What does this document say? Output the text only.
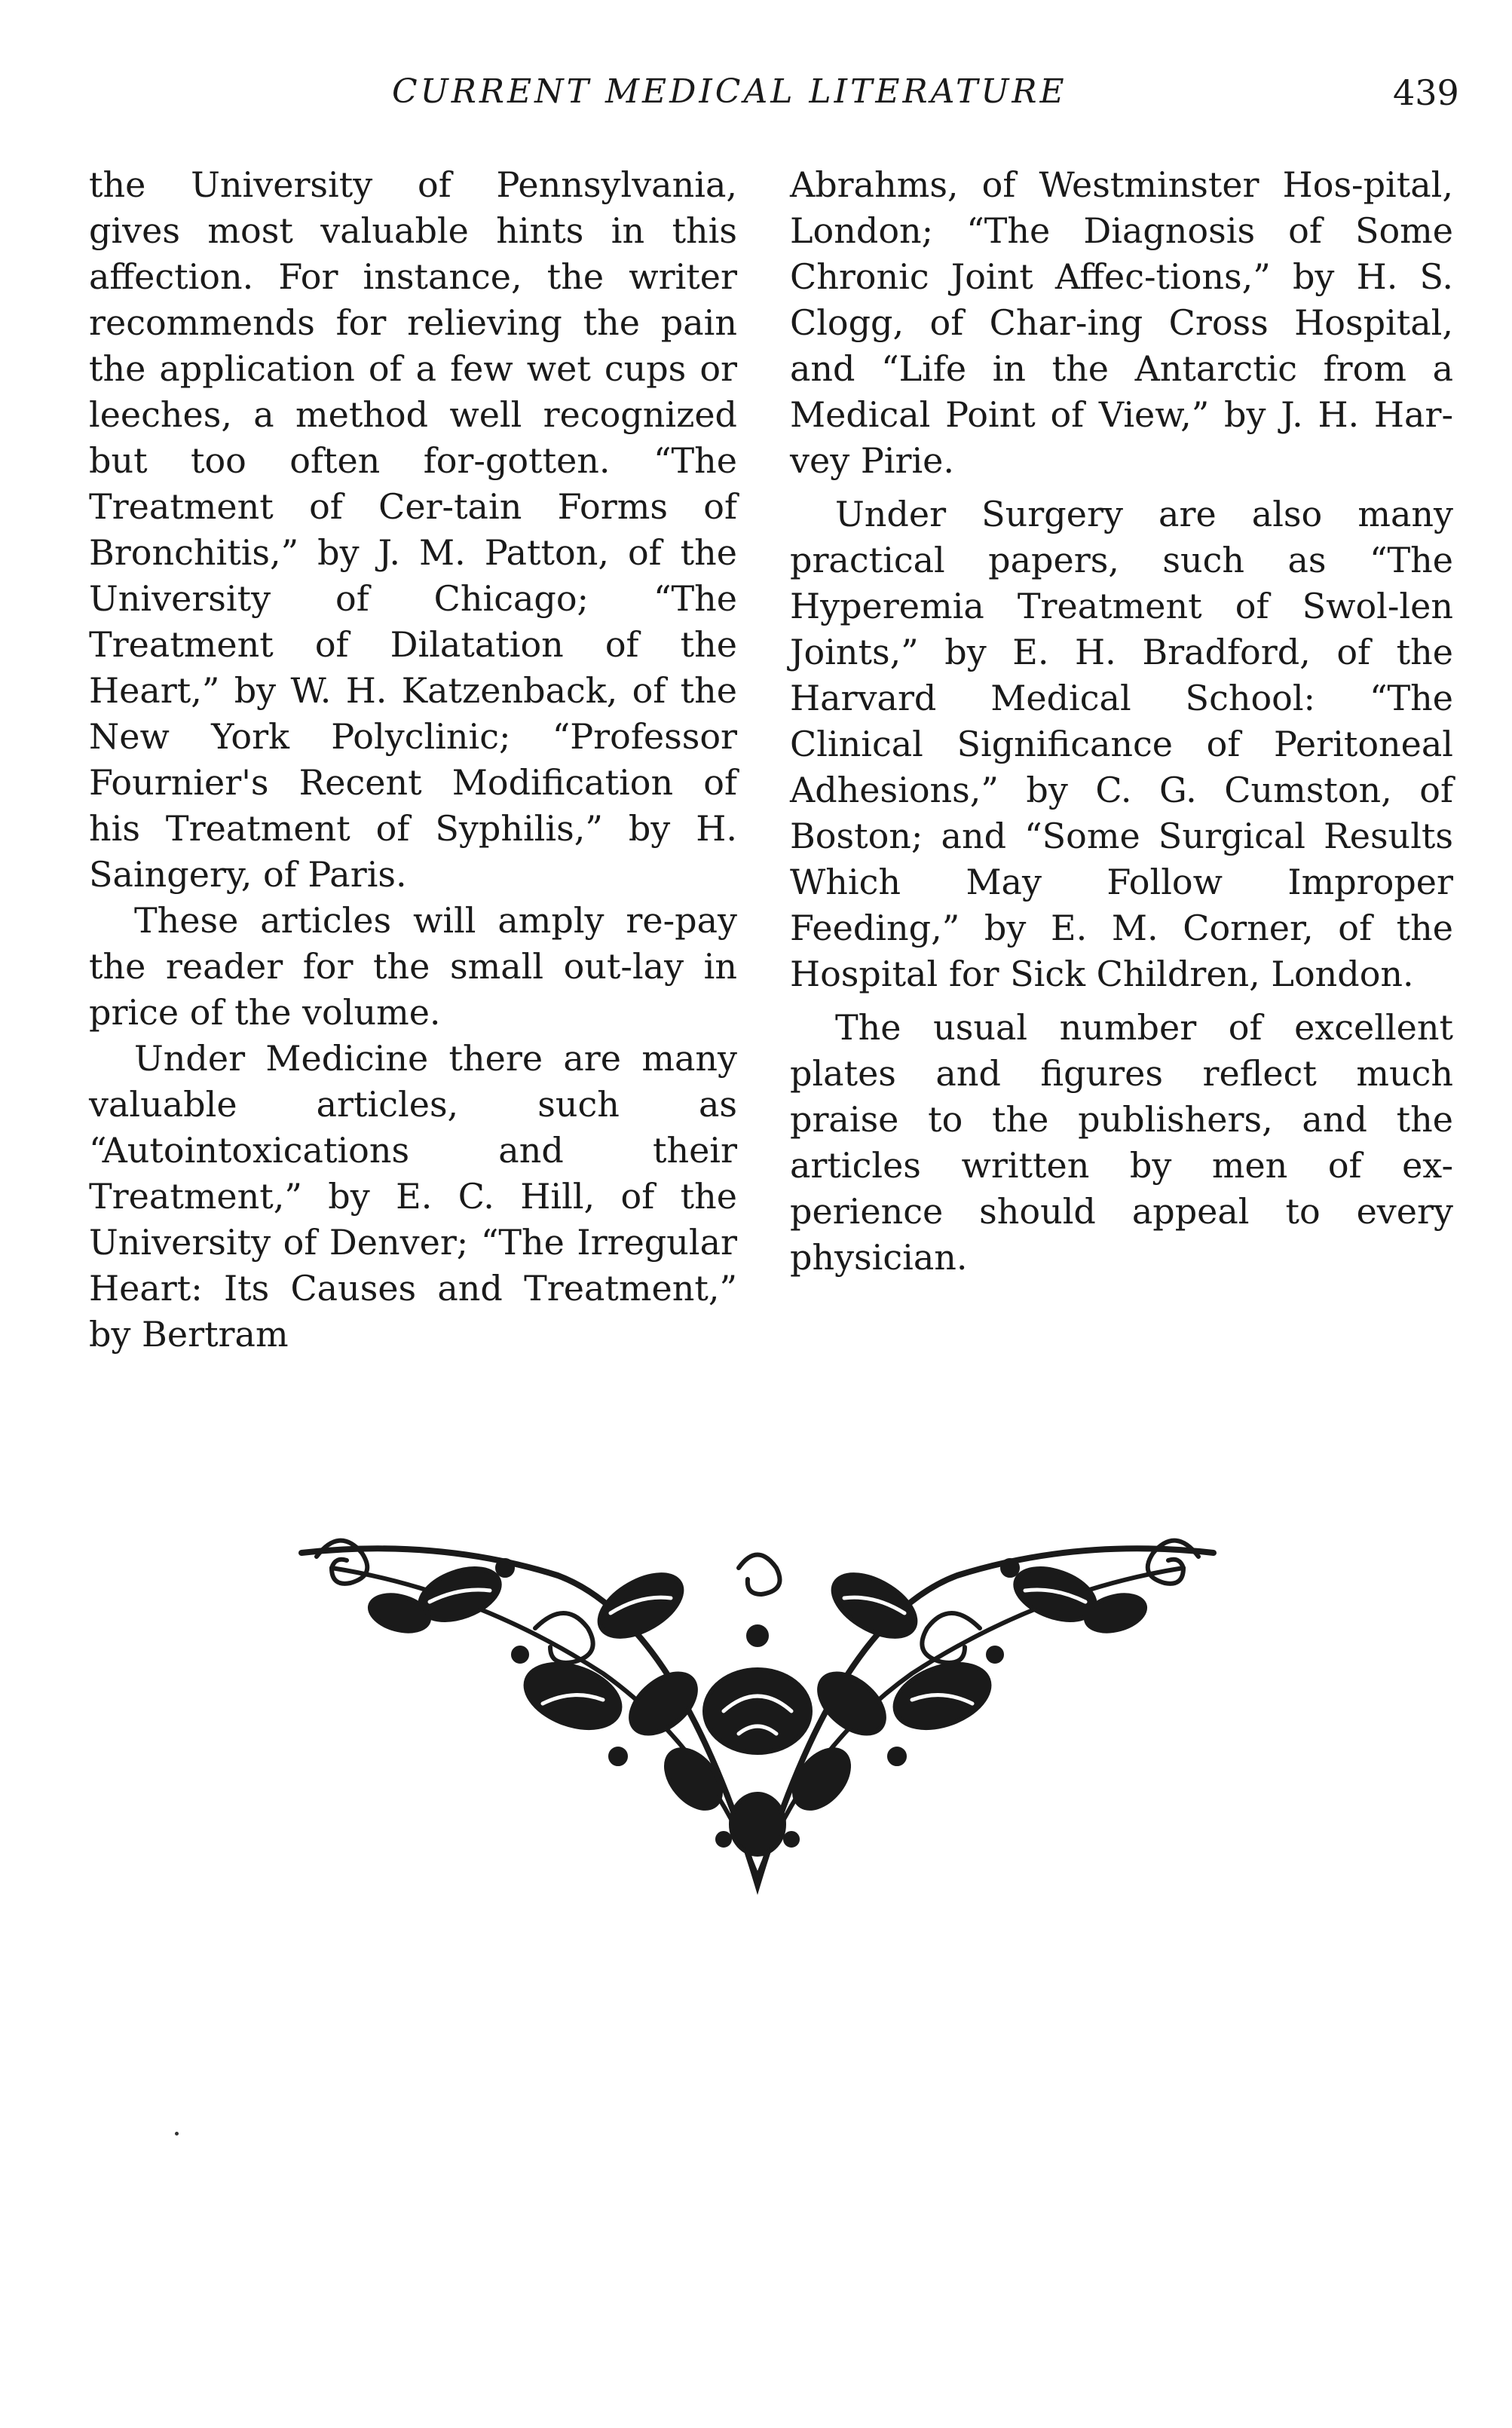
CURRENT MEDICAL LITERATURE	439

the University of Pennsylvania, gives most valuable hints in this affection. For instance, the writer recommends for relieving the pain the application of a few wet cups or leeches, a method well recognized but too often for-gotten. “The Treatment of Cer-tain Forms of Bronchitis,” by J. M. Patton, of the University of Chicago; “The Treatment of Dilatation of the Heart,” by W. H. Katzenback, of the New York Polyclinic; “Professor Fournier's Recent Modification of his Treatment of Syphilis,” by H. Saingery, of Paris.

These articles will amply re-pay the reader for the small out-lay in price of the volume.

Under Medicine there are many valuable articles, such as “Autointoxications and their Treatment,” by E. C. Hill, of the University of Denver; “The Irregular Heart: Its Causes and Treatment,” by Bertram

Abrahms, of Westminster Hos-pital, London; “The Diagnosis of Some Chronic Joint Affec-tions,” by H. S. Clogg, of Char-ing Cross Hospital, and “Life in the Antarctic from a Medical Point of View,” by J. H. Har-vey Pirie.

Under Surgery are also many practical papers, such as “The Hyperemia Treatment of Swol-len Joints,” by E. H. Bradford, of the Harvard Medical School: “The Clinical Significance of Peritoneal Adhesions,” by C. G. Cumston, of Boston; and “Some Surgical Results Which May Follow Improper Feeding,” by E. M. Corner, of the Hospital for Sick Children, London.

The usual number of excellent plates and figures reflect much praise to the publishers, and the articles written by men of ex-perience should appeal to every physician.
